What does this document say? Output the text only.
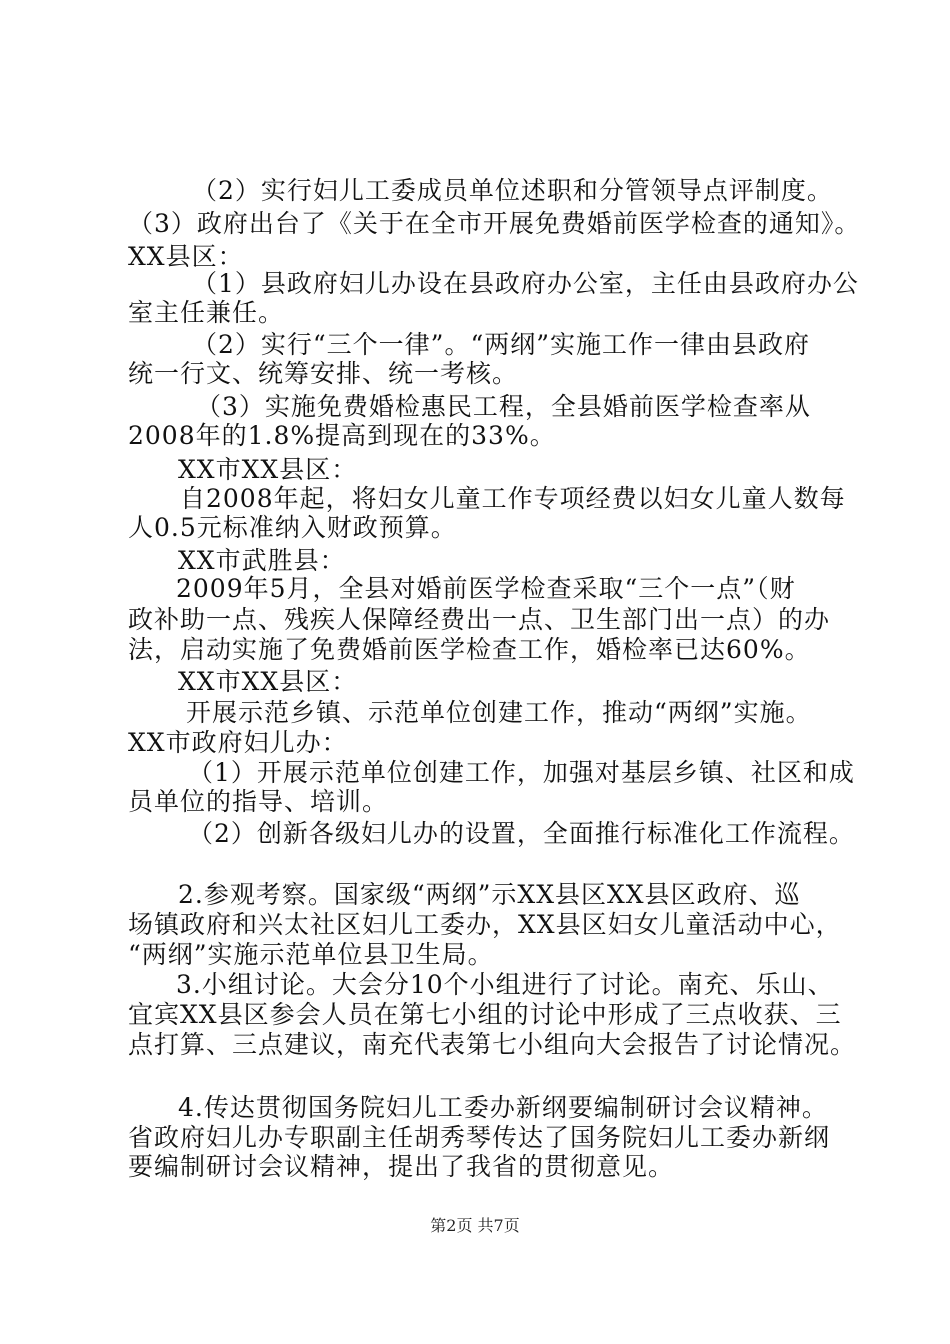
（2）实行妇儿工委成员单位述职和分管领导点评制度。
（3）政府出台了《关于在全市开展免费婚前医学检查的通知》。
XX县区：
（1）县政府妇儿办设在县政府办公室，主任由县政府办公
室主任兼任。
（2）实行“三个一律”。“两纲”实施工作一律由县政府
统一行文、统筹安排、统一考核。
（3）实施免费婚检惠民工程，全县婚前医学检查率从
2008年的1.8%提高到现在的33%。
XX市XX县区：
自2008年起，将妇女儿童工作专项经费以妇女儿童人数每
人0.5元标准纳入财政预算。
XX市武胜县：
2009年5月，全县对婚前医学检查采取“三个一点”（财
政补助一点、残疾人保障经费出一点、卫生部门出一点）的办
法，启动实施了免费婚前医学检查工作，婚检率已达60%。
XX市XX县区：
开展示范乡镇、示范单位创建工作，推动“两纲”实施。
XX市政府妇儿办：
（1）开展示范单位创建工作，加强对基层乡镇、社区和成
员单位的指导、培训。
（2）创新各级妇儿办的设置，全面推行标准化工作流程。
2.参观考察。国家级“两纲”示XX县区XX县区政府、巡
场镇政府和兴太社区妇儿工委办，XX县区妇女儿童活动中心，
“两纲”实施示范单位县卫生局。
3.小组讨论。大会分10个小组进行了讨论。南充、乐山、
宜宾XX县区参会人员在第七小组的讨论中形成了三点收获、三
点打算、三点建议，南充代表第七小组向大会报告了讨论情况。
4.传达贯彻国务院妇儿工委办新纲要编制研讨会议精神。
省政府妇儿办专职副主任胡秀琴传达了国务院妇儿工委办新纲
要编制研讨会议精神，提出了我省的贯彻意见。
第2页 共7页
